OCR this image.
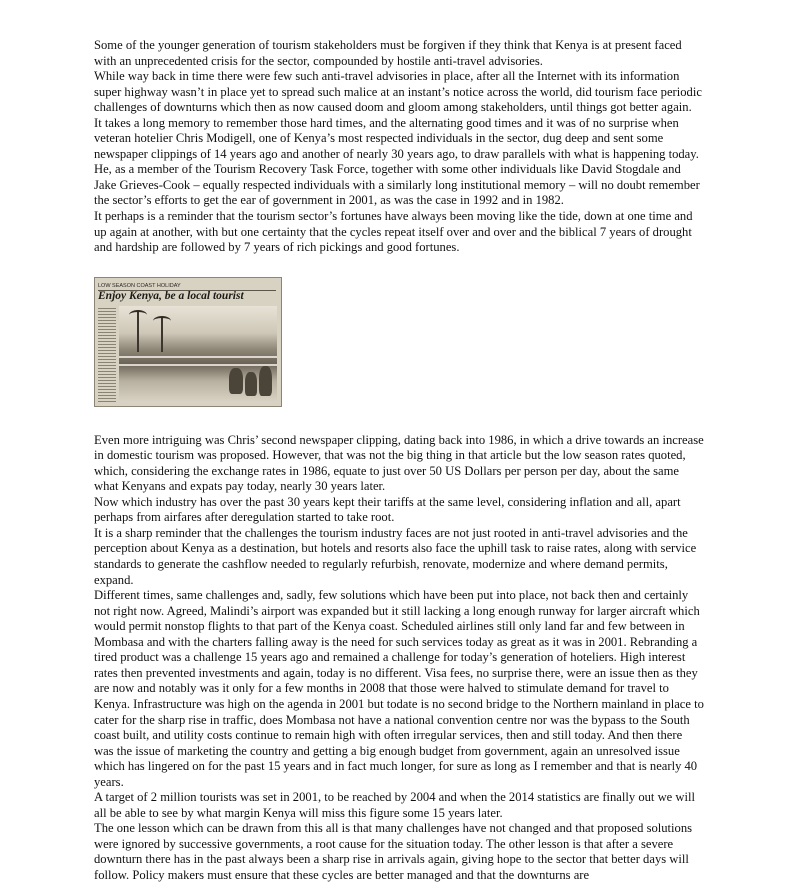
Some of the younger generation of tourism stakeholders must be forgiven if they think that Kenya is at present faced with an unprecedented crisis for the sector, compounded by hostile anti-travel advisories.

While way back in time there were few such anti-travel advisories in place, after all the Internet with its information super highway wasn’t in place yet to spread such malice at an instant’s notice across the world, did tourism face periodic challenges of downturns which then as now caused doom and gloom among stakeholders, until things got better again.

It takes a long memory to remember those hard times, and the alternating good times and it was of no surprise when veteran hotelier Chris Modigell, one of Kenya’s most respected individuals in the sector, dug deep and sent some newspaper clippings of 14 years ago and another of nearly 30 years ago, to draw parallels with what is happening today. He, as a member of the Tourism Recovery Task Force, together with some other individuals like David Stogdale and Jake Grieves-Cook – equally respected individuals with a similarly long institutional memory – will no doubt remember the sector’s efforts to get the ear of government in 2001, as was the case in 1992 and in 1982.

It perhaps is a reminder that the tourism sector’s fortunes have always been moving like the tide, down at one time and up again at another, with but one certainty that the cycles repeat itself over and over and the biblical 7 years of drought and hardship are followed by 7 years of rich pickings and good fortunes.

LOW SEASON COAST HOLIDAY
Enjoy Kenya, be a local tourist

Even more intriguing was Chris’ second newspaper clipping, dating back into 1986, in which a drive towards an increase in domestic tourism was proposed. However, that was not the big thing in that article but the low season rates quoted, which, considering the exchange rates in 1986, equate to just over 50 US Dollars per person per day, about the same what Kenyans and expats pay today, nearly 30 years later.

Now which industry has over the past 30 years kept their tariffs at the same level, considering inflation and all, apart perhaps from airfares after deregulation started to take root.

It is a sharp reminder that the challenges the tourism industry faces are not just rooted in anti-travel advisories and the perception about Kenya as a destination, but hotels and resorts also face the uphill task to raise rates, along with service standards to generate the cashflow needed to regularly refurbish, renovate, modernize and where demand permits, expand.

Different times, same challenges and, sadly, few solutions which have been put into place, not back then and certainly not right now. Agreed, Malindi’s airport was expanded but it still lacking a long enough runway for larger aircraft which would permit nonstop flights to that part of the Kenya coast. Scheduled airlines still only land far and few between in Mombasa and with the charters falling away is the need for such services today as great as it was in 2001. Rebranding a tired product was a challenge 15 years ago and remained a challenge for today’s generation of hoteliers. High interest rates then prevented investments and again, today is no different. Visa fees, no surprise there, were an issue then as they are now and notably was it only for a few months in 2008 that those were halved to stimulate demand for travel to Kenya. Infrastructure was high on the agenda in 2001 but todate is no second bridge to the Northern mainland in place to cater for the sharp rise in traffic, does Mombasa not have a national convention centre nor was the bypass to the South coast built, and utility costs continue to remain high with often irregular services, then and still today. And then there was the issue of marketing the country and getting a big enough budget from government, again an unresolved issue which has lingered on for the past 15 years and in fact much longer, for sure as long as I remember and that is nearly 40 years.

A target of 2 million tourists was set in 2001, to be reached by 2004 and when the 2014 statistics are finally out we will all be able to see by what margin Kenya will miss this figure some 15 years later.

The one lesson which can be drawn from this all is that many challenges have not changed and that proposed solutions were ignored by successive governments, a root cause for the situation today. The other lesson is that after a severe downturn there has in the past always been a sharp rise in arrivals again, giving hope to the sector that better days will follow. Policy makers must ensure that these cycles are better managed and that the downturns are
